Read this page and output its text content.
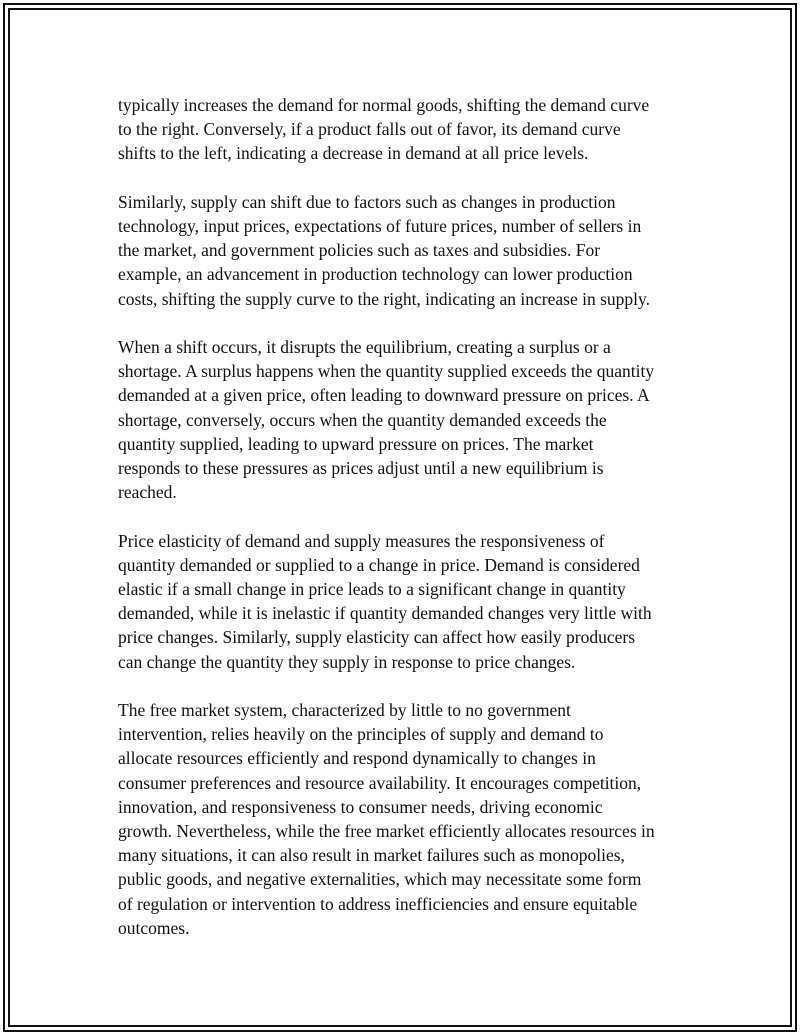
typically increases the demand for normal goods, shifting the demand curve
to the right. Conversely, if a product falls out of favor, its demand curve
shifts to the left, indicating a decrease in demand at all price levels.

Similarly, supply can shift due to factors such as changes in production
technology, input prices, expectations of future prices, number of sellers in
the market, and government policies such as taxes and subsidies. For
example, an advancement in production technology can lower production
costs, shifting the supply curve to the right, indicating an increase in supply.

When a shift occurs, it disrupts the equilibrium, creating a surplus or a
shortage. A surplus happens when the quantity supplied exceeds the quantity
demanded at a given price, often leading to downward pressure on prices. A
shortage, conversely, occurs when the quantity demanded exceeds the
quantity supplied, leading to upward pressure on prices. The market
responds to these pressures as prices adjust until a new equilibrium is
reached.

Price elasticity of demand and supply measures the responsiveness of
quantity demanded or supplied to a change in price. Demand is considered
elastic if a small change in price leads to a significant change in quantity
demanded, while it is inelastic if quantity demanded changes very little with
price changes. Similarly, supply elasticity can affect how easily producers
can change the quantity they supply in response to price changes.

The free market system, characterized by little to no government
intervention, relies heavily on the principles of supply and demand to
allocate resources efficiently and respond dynamically to changes in
consumer preferences and resource availability. It encourages competition,
innovation, and responsiveness to consumer needs, driving economic
growth. Nevertheless, while the free market efficiently allocates resources in
many situations, it can also result in market failures such as monopolies,
public goods, and negative externalities, which may necessitate some form
of regulation or intervention to address inefficiencies and ensure equitable
outcomes.
